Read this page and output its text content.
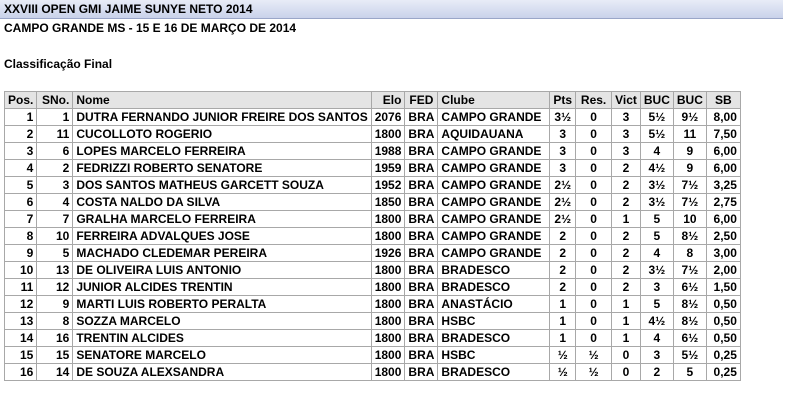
XXVIII OPEN GMI JAIME SUNYE NETO 2014
CAMPO GRANDE MS - 15 E 16 DE MARÇO DE 2014
Classificação Final
Pos.	SNo.	Nome	Elo	FED	Clube	Pts	Res.	Vict	BUC	BUC	SB
1	1	DUTRA FERNANDO JUNIOR FREIRE DOS SANTOS	2076	BRA	CAMPO GRANDE	3½	0	3	5½	9½	8,00
2	11	CUCOLLOTO ROGERIO	1800	BRA	AQUIDAUANA	3	0	3	5½	11	7,50
3	6	LOPES MARCELO FERREIRA	1988	BRA	CAMPO GRANDE	3	0	3	4	9	6,00
4	2	FEDRIZZI ROBERTO SENATORE	1959	BRA	CAMPO GRANDE	3	0	2	4½	9	6,00
5	3	DOS SANTOS MATHEUS GARCETT SOUZA	1952	BRA	CAMPO GRANDE	2½	0	2	3½	7½	3,25
6	4	COSTA NALDO DA SILVA	1850	BRA	CAMPO GRANDE	2½	0	2	3½	7½	2,75
7	7	GRALHA MARCELO FERREIRA	1800	BRA	CAMPO GRANDE	2½	0	1	5	10	6,00
8	10	FERREIRA ADVALQUES JOSE	1800	BRA	CAMPO GRANDE	2	0	2	5	8½	2,50
9	5	MACHADO CLEDEMAR PEREIRA	1926	BRA	CAMPO GRANDE	2	0	2	4	8	3,00
10	13	DE OLIVEIRA LUIS ANTONIO	1800	BRA	BRADESCO	2	0	2	3½	7½	2,00
11	12	JUNIOR ALCIDES TRENTIN	1800	BRA	BRADESCO	2	0	2	3	6½	1,50
12	9	MARTI LUIS ROBERTO PERALTA	1800	BRA	ANASTÁCIO	1	0	1	5	8½	0,50
13	8	SOZZA MARCELO	1800	BRA	HSBC	1	0	1	4½	8½	0,50
14	16	TRENTIN ALCIDES	1800	BRA	BRADESCO	1	0	1	4	6½	0,50
15	15	SENATORE MARCELO	1800	BRA	HSBC	½	½	0	3	5½	0,25
16	14	DE SOUZA ALEXSANDRA	1800	BRA	BRADESCO	½	½	0	2	5	0,25
